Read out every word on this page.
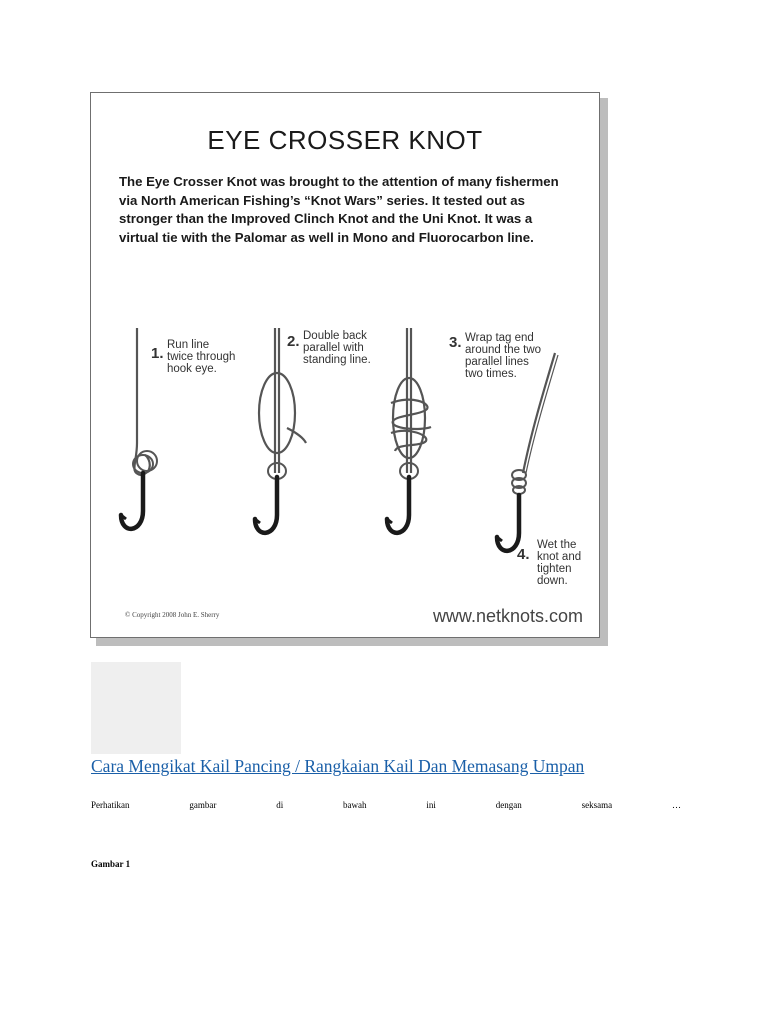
EYE CROSSER KNOT
The Eye Crosser Knot was brought to the attention of many fishermen via North American Fishing’s “Knot Wars” series. It tested out as stronger than the Improved Clinch Knot and the Uni Knot. It was a virtual tie with the Palomar as well in Mono and Fluorocarbon line.
1. Run line twice through hook eye.
2. Double back parallel with standing line.
3. Wrap tag end around the two parallel lines two times.
4.
Wet the knot and tighten down.
© Copyright 2008 John E. Sherry	www.netknots.com
Cara Mengikat Kail Pancing / Rangkaian Kail Dan Memasang Umpan
Perhatikan	gambar	di	bawah	ini	dengan	seksama	…
Gambar 1
